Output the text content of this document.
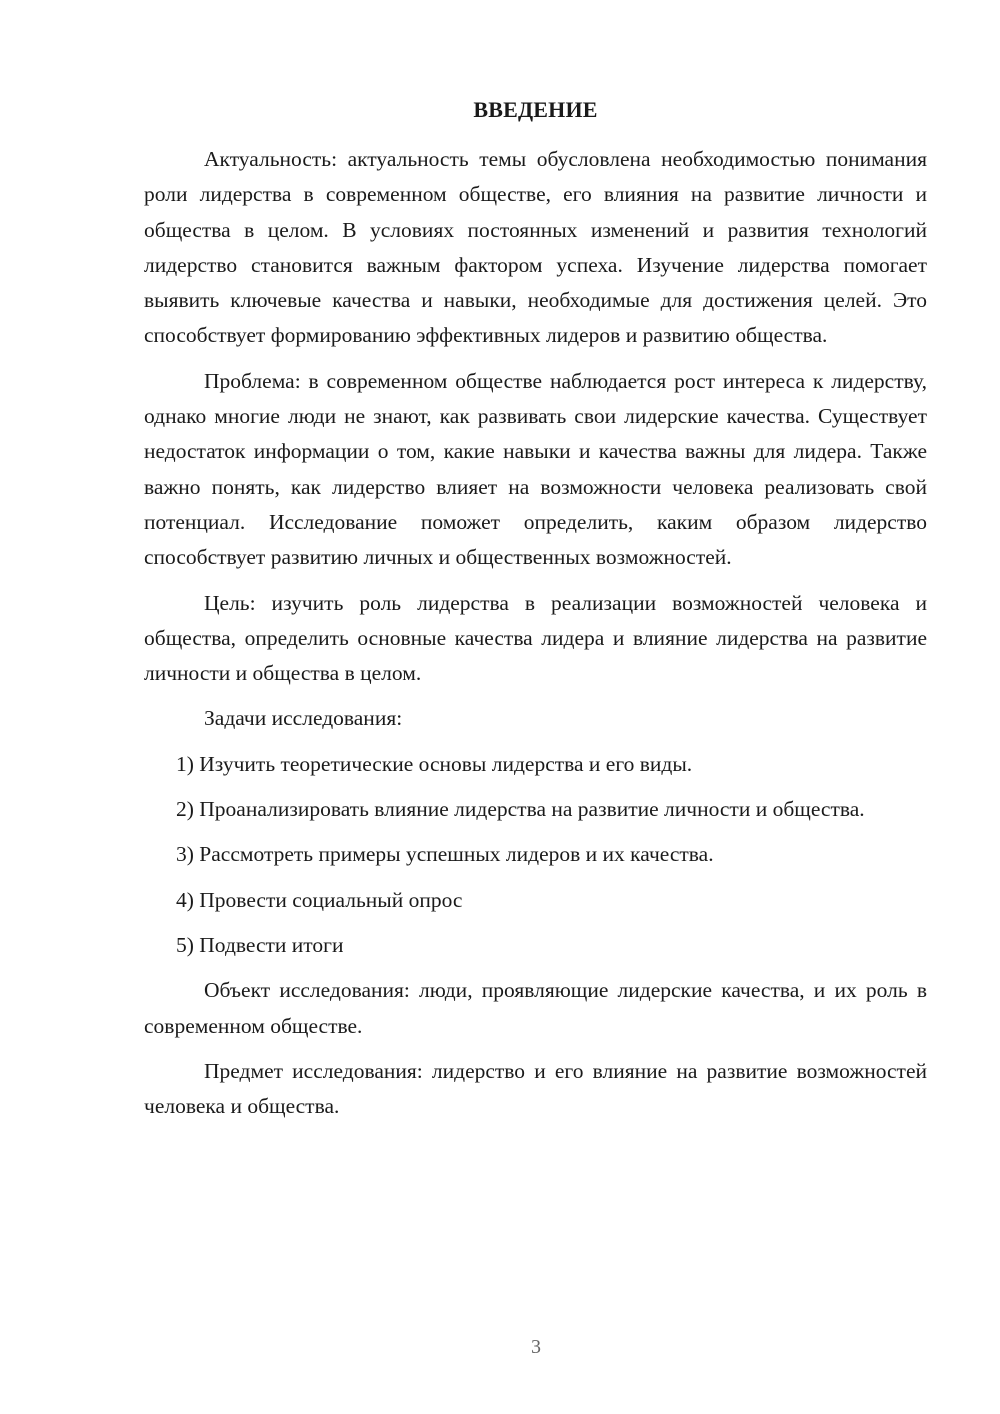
ВВЕДЕНИЕ

Актуальность: актуальность темы обусловлена необходимостью понимания роли лидерства в современном обществе, его влияния на развитие личности и общества в целом. В условиях постоянных изменений и развития технологий лидерство становится важным фактором успеха. Изучение лидерства помогает выявить ключевые качества и навыки, необходимые для достижения целей. Это способствует формированию эффективных лидеров и развитию общества.

Проблема: в современном обществе наблюдается рост интереса к лидерству, однако многие люди не знают, как развивать свои лидерские качества. Существует недостаток информации о том, какие навыки и качества важны для лидера. Также важно понять, как лидерство влияет на возможности человека реализовать свой потенциал. Исследование поможет определить, каким образом лидерство способствует развитию личных и общественных возможностей.

Цель: изучить роль лидерства в реализации возможностей человека и общества, определить основные качества лидера и влияние лидерства на развитие личности и общества в целом.

Задачи исследования:

1) Изучить теоретические основы лидерства и его виды.

2) Проанализировать влияние лидерства на развитие личности и общества.

3) Рассмотреть примеры успешных лидеров и их качества.

4) Провести социальный опрос

5) Подвести итоги

Объект исследования: люди, проявляющие лидерские качества, и их роль в современном обществе.

Предмет исследования: лидерство и его влияние на развитие возможностей человека и общества.

3
